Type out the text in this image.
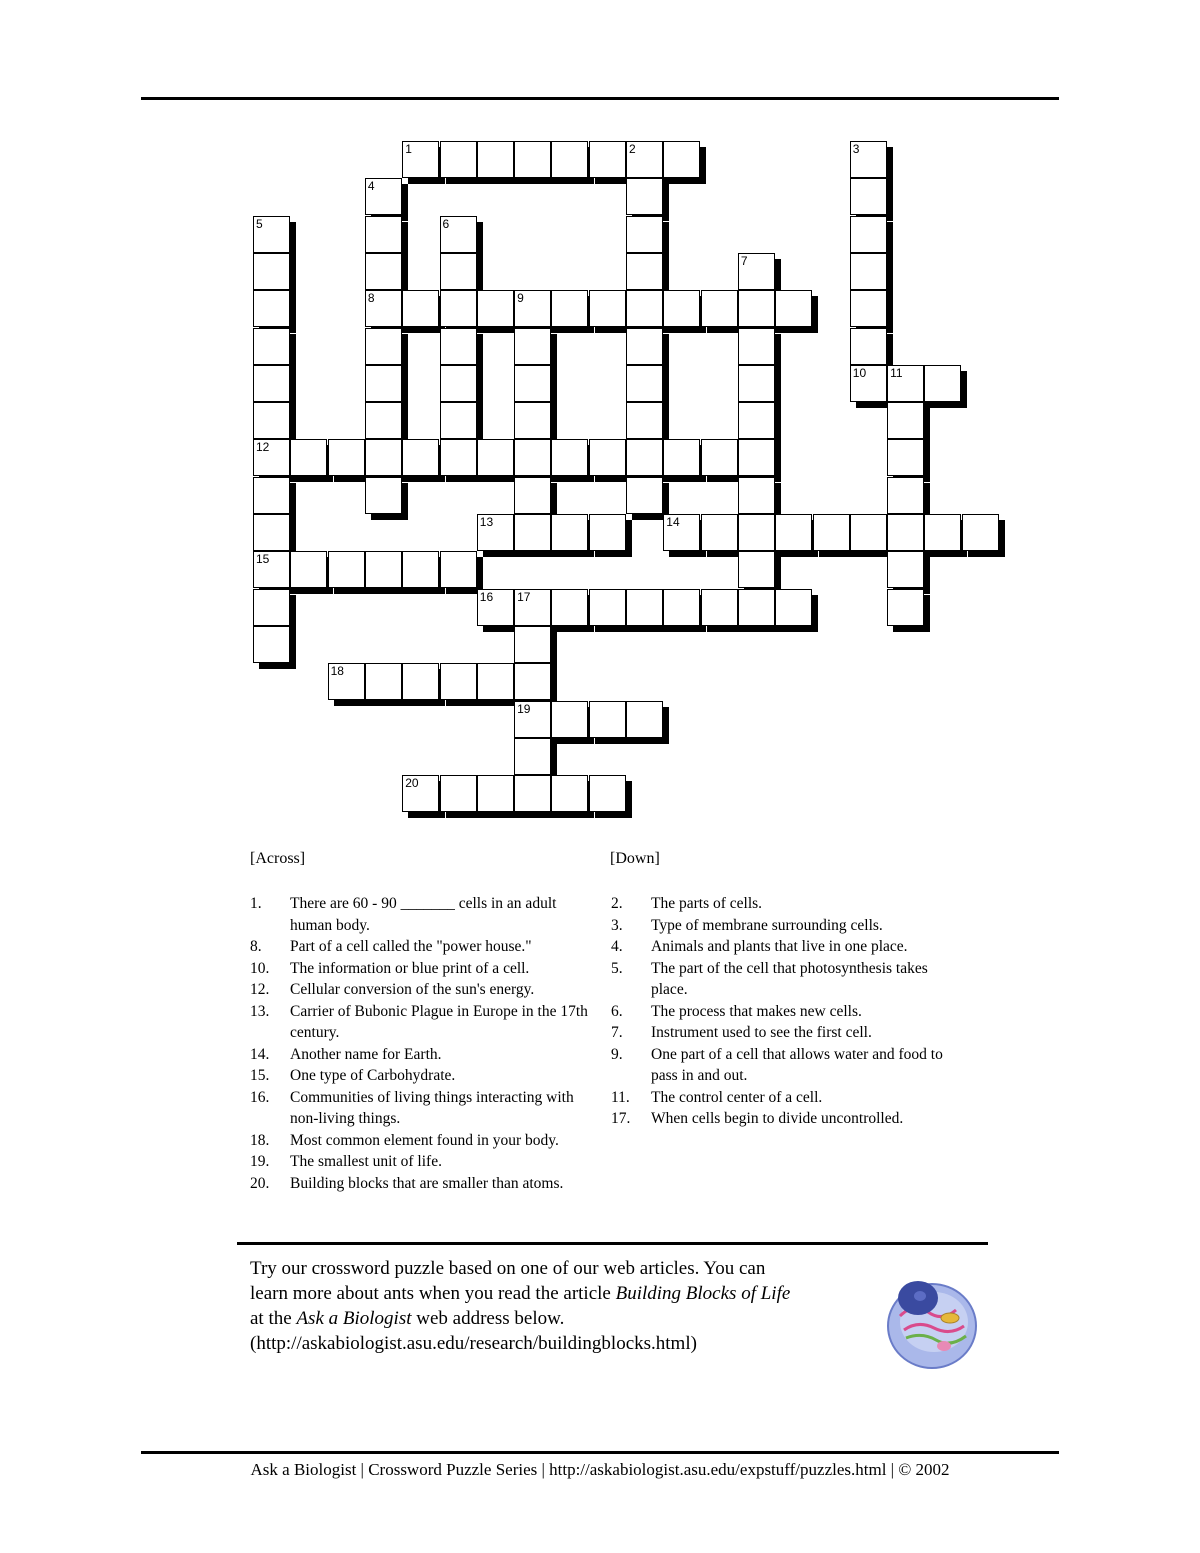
1	2	3
10
4
8
5
12
15
6
7
9
11
13	14
16 17
19
18
20
[Across]	[Down]
1.	There are 60 - 90 _______ cells in an adult human body.
8.	Part of a cell called the "power house."
10.	The information or blue print of a cell.
12.	Cellular conversion of the sun's energy.
13.	Carrier of Bubonic Plague in Europe in the 17th century.
14.	Another name for Earth.
15.	One type of Carbohydrate.
16.	Communities of living things interacting with non-living things.
18.	Most common element found in your body.
19.	The smallest unit of life.
20.	Building blocks that are smaller than atoms.
2.	The parts of cells.
3.	Type of membrane surrounding cells.
4.	Animals and plants that live in one place.
5.	The part of the cell that photosynthesis takes place.
6.	The process that makes new cells.
7.	Instrument used to see the first cell.
9.	One part of a cell that allows water and food to pass in and out.
11.	The control center of a cell.
17.	When cells begin to divide uncontrolled.
Try our crossword puzzle based on one of our web articles. You can
learn more about ants when you read the article Building Blocks of Life
at the Ask a Biologist web address below.
(http://askabiologist.asu.edu/research/buildingblocks.html)
Ask a Biologist | Crossword Puzzle Series | http://askabiologist.asu.edu/expstuff/puzzles.html | © 2002
